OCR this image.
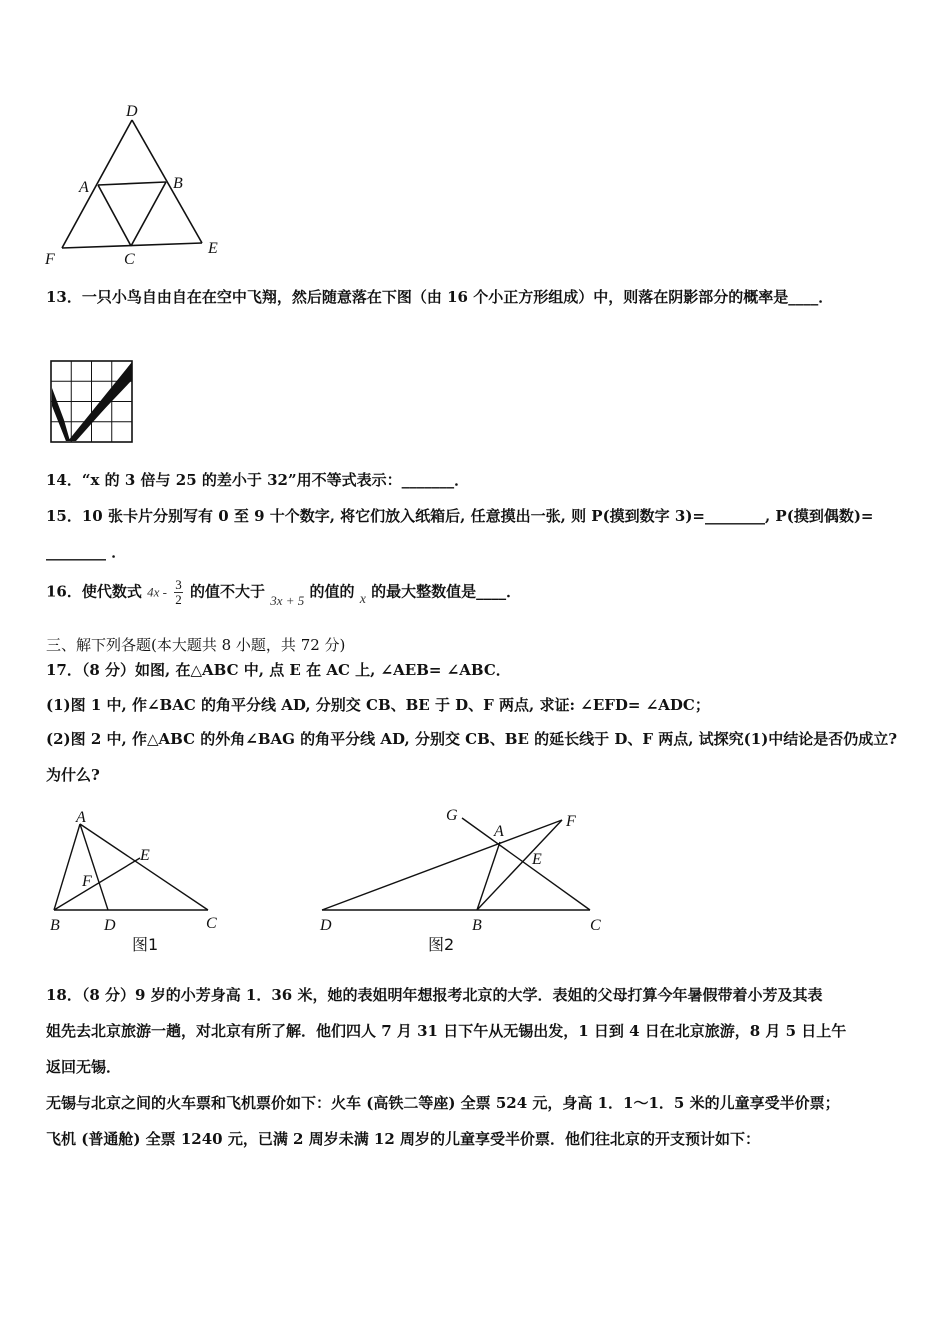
D
A	B
F	C
E
13．一只小鸟自由自在在空中飞翔，然后随意落在下图（由 16 个小正方形组成）中，则落在阴影部分的概率是____．
14．“x 的 3 倍与 25 的差小于 32”用不等式表示：_______．
15．10 张卡片分别写有 0 至 9 十个数字, 将它们放入纸箱后, 任意摸出一张, 则 P(摸到数字 3)=________, P(摸到偶数)=
________ ．
16．使代数式 $4x - \frac{3}{2}$ 的值不大于 3x + 5 的值的 x 的最大整数值是____．
三、解下列各题(本大题共 8 小题，共 72 分)
17．（8 分）如图, 在△ABC 中, 点 E 在 AC 上, ∠AEB= ∠ABC．
(1)图 1 中, 作∠BAC 的角平分线 AD, 分别交 CB、BE 于 D、F 两点, 求证: ∠EFD= ∠ADC；
(2)图 2 中, 作△ABC 的外角∠BAG 的角平分线 AD, 分别交 CB、BE 的延长线于 D、F 两点, 试探究(1)中结论是否仍成立?
为什么?
A
E
F
B	D	C
图1
G
A
F
E
D	B	C
图2
18．（8 分）9 岁的小芳身高 1．36 米，她的表姐明年想报考北京的大学．表姐的父母打算今年暑假带着小芳及其表
姐先去北京旅游一趟，对北京有所了解．他们四人 7 月 31 日下午从无锡出发，1 日到 4 日在北京旅游，8 月 5 日上午
返回无锡．
无锡与北京之间的火车票和飞机票价如下：火车 (高铁二等座) 全票 524 元，身高 1．1～1．5 米的儿童享受半价票；
飞机 (普通舱) 全票 1240 元，已满 2 周岁未满 12 周岁的儿童享受半价票．他们往北京的开支预计如下：
